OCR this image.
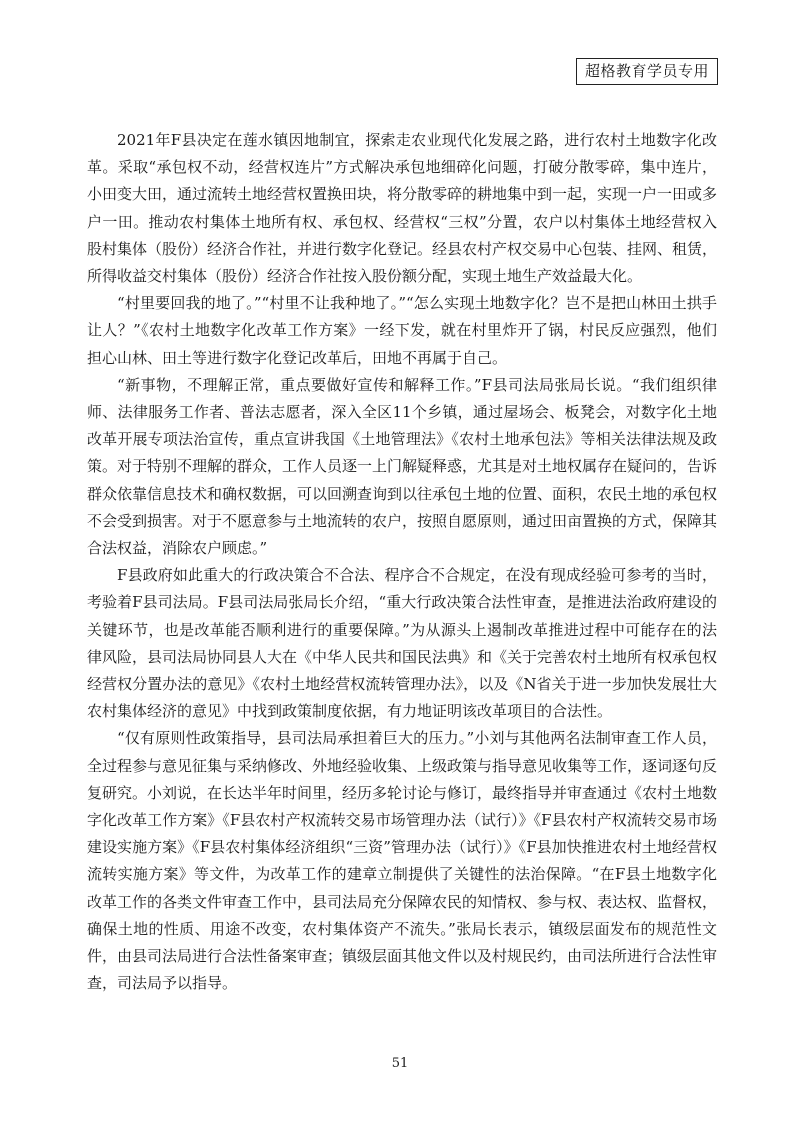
超格教育学员专用

2021年F县决定在莲水镇因地制宜，探索走农业现代化发展之路，进行农村土地数字化改革。采取“承包权不动，经营权连片”方式解决承包地细碎化问题，打破分散零碎，集中连片，小田变大田，通过流转土地经营权置换田块，将分散零碎的耕地集中到一起，实现一户一田或多户一田。推动农村集体土地所有权、承包权、经营权“三权”分置，农户以村集体土地经营权入股村集体（股份）经济合作社，并进行数字化登记。经县农村产权交易中心包装、挂网、租赁，所得收益交村集体（股份）经济合作社按入股份额分配，实现土地生产效益最大化。

“村里要回我的地了。”“村里不让我种地了。”“怎么实现土地数字化？岂不是把山林田土拱手让人？”《农村土地数字化改革工作方案》一经下发，就在村里炸开了锅，村民反应强烈，他们担心山林、田土等进行数字化登记改革后，田地不再属于自己。

“新事物，不理解正常，重点要做好宣传和解释工作。”F县司法局张局长说。“我们组织律师、法律服务工作者、普法志愿者，深入全区11个乡镇，通过屋场会、板凳会，对数字化土地改革开展专项法治宣传，重点宣讲我国《土地管理法》《农村土地承包法》等相关法律法规及政策。对于特别不理解的群众，工作人员逐一上门解疑释惑，尤其是对土地权属存在疑问的，告诉群众依靠信息技术和确权数据，可以回溯查询到以往承包土地的位置、面积，农民土地的承包权不会受到损害。对于不愿意参与土地流转的农户，按照自愿原则，通过田亩置换的方式，保障其合法权益，消除农户顾虑。”

F县政府如此重大的行政决策合不合法、程序合不合规定，在没有现成经验可参考的当时，考验着F县司法局。F县司法局张局长介绍，“重大行政决策合法性审查，是推进法治政府建设的关键环节，也是改革能否顺利进行的重要保障。”为从源头上遏制改革推进过程中可能存在的法律风险，县司法局协同县人大在《中华人民共和国民法典》和《关于完善农村土地所有权承包权经营权分置办法的意见》《农村土地经营权流转管理办法》，以及《N省关于进一步加快发展壮大农村集体经济的意见》中找到政策制度依据，有力地证明该改革项目的合法性。

“仅有原则性政策指导，县司法局承担着巨大的压力。”小刘与其他两名法制审查工作人员，全过程参与意见征集与采纳修改、外地经验收集、上级政策与指导意见收集等工作，逐词逐句反复研究。小刘说，在长达半年时间里，经历多轮讨论与修订，最终指导并审查通过《农村土地数字化改革工作方案》《F县农村产权流转交易市场管理办法（试行）》《F县农村产权流转交易市场建设实施方案》《F县农村集体经济组织“三资”管理办法（试行）》《F县加快推进农村土地经营权流转实施方案》等文件，为改革工作的建章立制提供了关键性的法治保障。“在F县土地数字化改革工作的各类文件审查工作中，县司法局充分保障农民的知情权、参与权、表达权、监督权，确保土地的性质、用途不改变，农村集体资产不流失。”张局长表示，镇级层面发布的规范性文件，由县司法局进行合法性备案审查；镇级层面其他文件以及村规民约，由司法所进行合法性审查，司法局予以指导。

51
